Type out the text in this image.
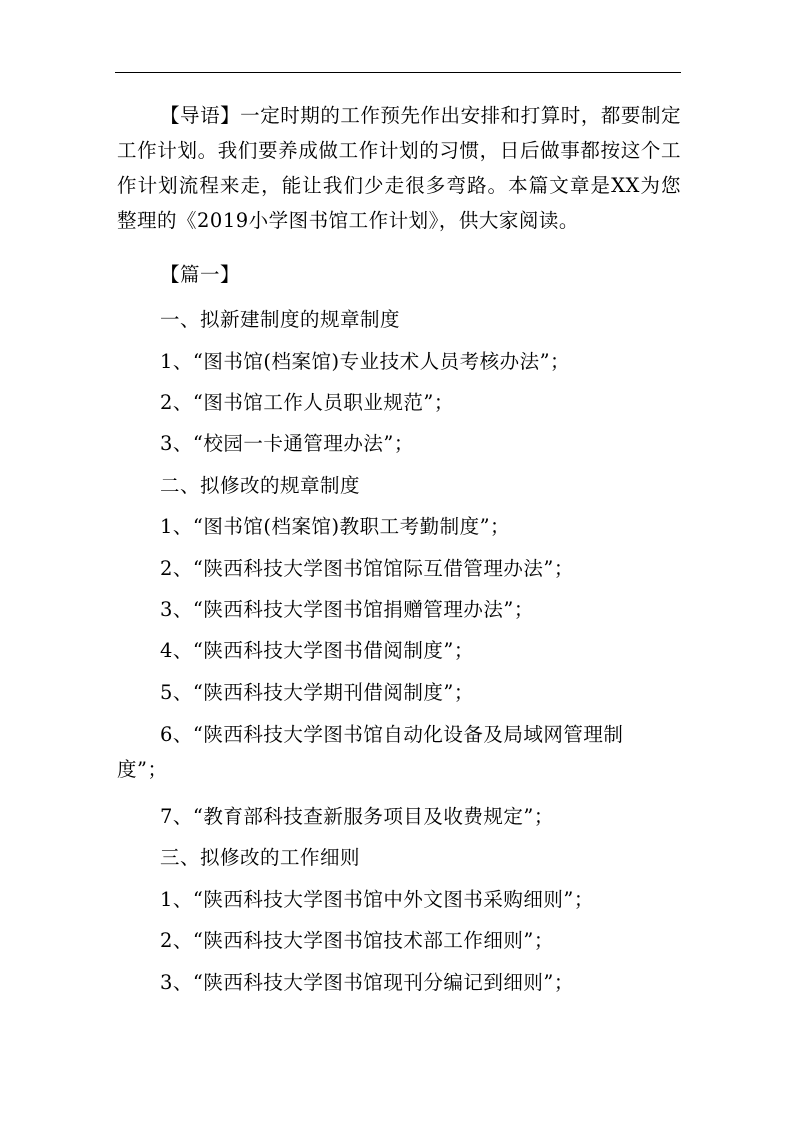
【导语】一定时期的工作预先作出安排和打算时，都要制定工作计划。我们要养成做工作计划的习惯，日后做事都按这个工作计划流程来走，能让我们少走很多弯路。本篇文章是XX为您整理的《2019小学图书馆工作计划》，供大家阅读。

【篇一】

一、拟新建制度的规章制度

1、“图书馆(档案馆)专业技术人员考核办法”；

2、“图书馆工作人员职业规范”；

3、“校园一卡通管理办法”；

二、拟修改的规章制度

1、“图书馆(档案馆)教职工考勤制度”；

2、“陕西科技大学图书馆馆际互借管理办法”；

3、“陕西科技大学图书馆捐赠管理办法”；

4、“陕西科技大学图书借阅制度”；

5、“陕西科技大学期刊借阅制度”；

6、“陕西科技大学图书馆自动化设备及局域网管理制度”；

7、“教育部科技查新服务项目及收费规定”；

三、拟修改的工作细则

1、“陕西科技大学图书馆中外文图书采购细则”；

2、“陕西科技大学图书馆技术部工作细则”；

3、“陕西科技大学图书馆现刊分编记到细则”；
